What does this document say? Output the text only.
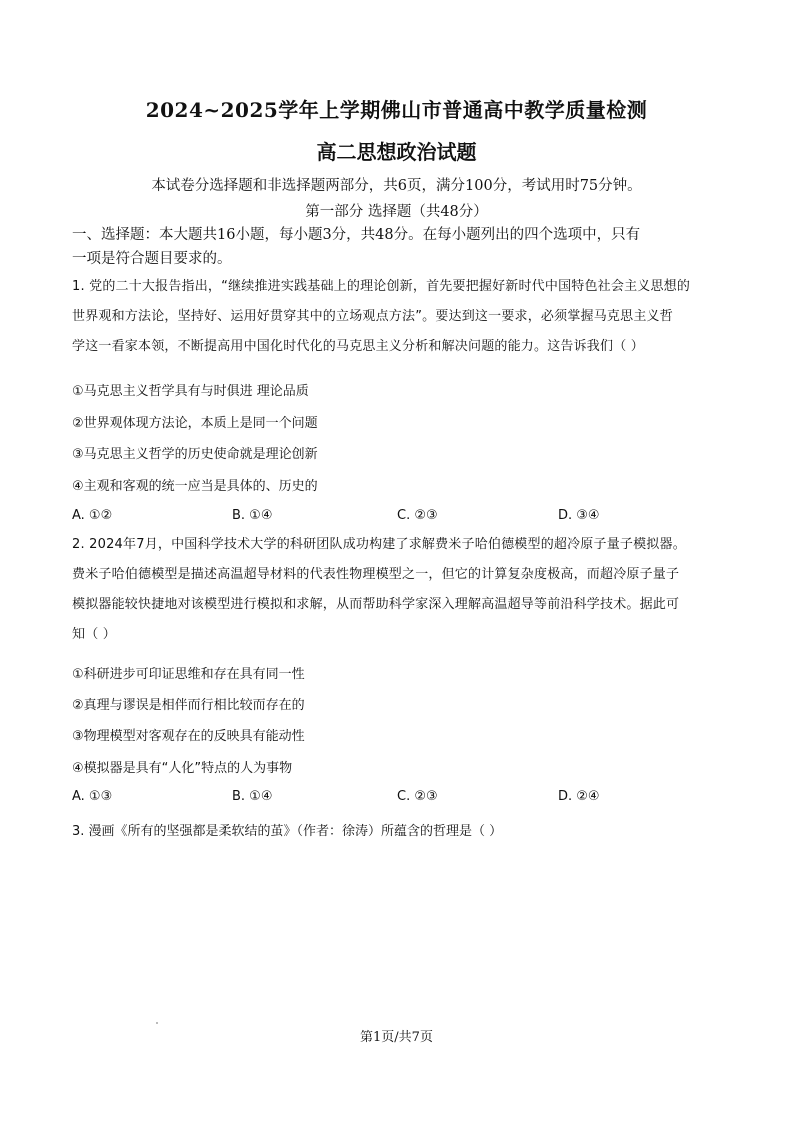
2024~2025学年上学期佛山市普通高中教学质量检测
高二思想政治试题
本试卷分选择题和非选择题两部分，共6页，满分100分，考试用时75分钟。
第一部分 选择题（共48分）
一、选择题：本大题共16小题，每小题3分，共48分。在每小题列出的四个选项中，只有
一项是符合题目要求的。
1. 党的二十大报告指出，“继续推进实践基础上的理论创新，首先要把握好新时代中国特色社会主义思想的
世界观和方法论，坚持好、运用好贯穿其中的立场观点方法”。要达到这一要求，必须掌握马克思主义哲
学这一看家本领，不断提高用中国化时代化的马克思主义分析和解决问题的能力。这告诉我们（ ）
①马克思主义哲学具有与时俱进 理论品质
②世界观体现方法论，本质上是同一个问题
③马克思主义哲学的历史使命就是理论创新
④主观和客观的统一应当是具体的、历史的
A. ①②	B. ①④	C. ②③	D. ③④
2. 2024年7月，中国科学技术大学的科研团队成功构建了求解费米子哈伯德模型的超冷原子量子模拟器。
费米子哈伯德模型是描述高温超导材料的代表性物理模型之一，但它的计算复杂度极高，而超冷原子量子
模拟器能较快捷地对该模型进行模拟和求解，从而帮助科学家深入理解高温超导等前沿科学技术。据此可
知（ ）
①科研进步可印证思维和存在具有同一性
②真理与谬误是相伴而行相比较而存在的
③物理模型对客观存在的反映具有能动性
④模拟器是具有“人化”特点的人为事物
A. ①③	B. ①④	C. ②③	D. ②④
3. 漫画《所有的坚强都是柔软结的茧》（作者：徐涛）所蕴含的哲理是（ ）
第1页/共7页
